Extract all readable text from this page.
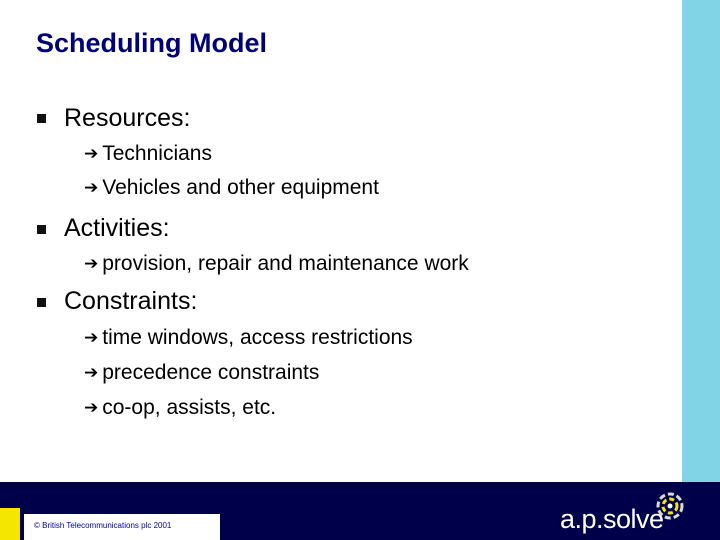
Scheduling Model
Resources:
➔ Technicians
➔ Vehicles and other equipment
Activities:
➔ provision, repair and maintenance work
Constraints:
➔ time windows, access restrictions
➔ precedence constraints
➔ co-op, assists, etc.
© British Telecommunications plc 2001	a.p.solve
